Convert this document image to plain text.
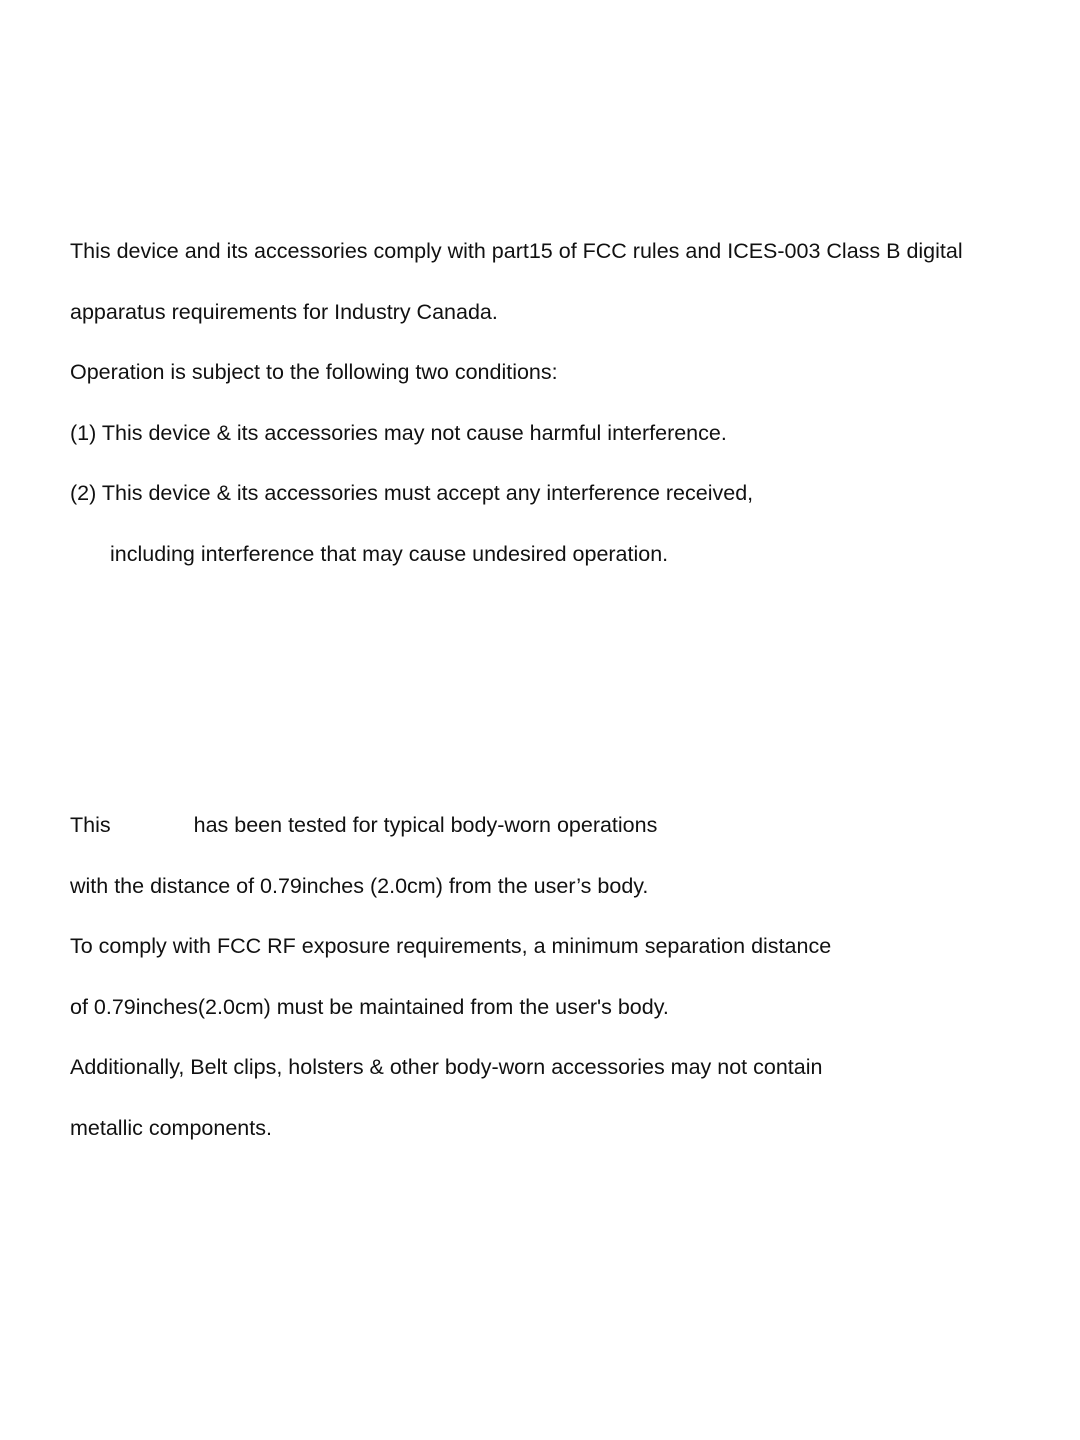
This device and its accessories comply with part15 of FCC rules and ICES-003 Class B digital

apparatus requirements for Industry Canada.

Operation is subject to the following two conditions:

(1) This device & its accessories may not cause harmful interference.

(2) This device & its accessories must accept any interference received,

including interference that may cause undesired operation.

This	has been tested for typical body-worn operations

with the distance of 0.79inches (2.0cm) from the user’s body.

To comply with FCC RF exposure requirements, a minimum separation distance

of 0.79inches(2.0cm) must be maintained from the user's body.

Additionally, Belt clips, holsters & other body-worn accessories may not contain

metallic components.
